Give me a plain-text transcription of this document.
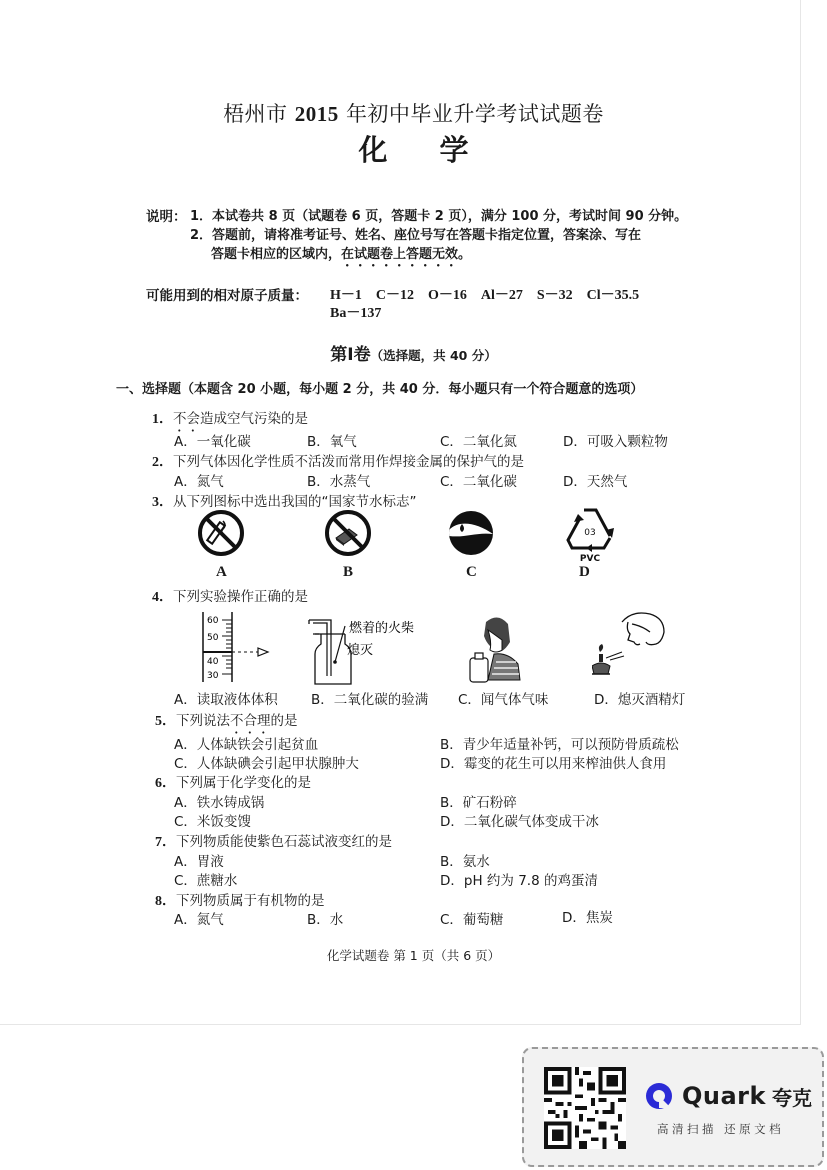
梧州市 2015 年初中毕业升学考试试题卷
化 学
说明： 1．本试卷共 8 页（试题卷 6 页，答题卡 2 页），满分 100 分，考试时间 90 分钟。
2．答题前，请将准考证号、姓名、座位号写在答题卡指定位置，答案涂、写在
答题卡相应的区域内，在试题卷上答题无效。
可能用到的相对原子质量： H－1　C－12　O－16　Al－27　S－32　Cl－35.5
Ba－137
第Ⅰ卷（选择题，共 40 分）
一、选择题（本题含 20 小题，每小题 2 分，共 40 分．每小题只有一个符合题意的选项）
1．不会造成空气污染的是
A．一氧化碳	B．氧气	C．二氧化氮	D．可吸入颗粒物
2．下列气体因化学性质不活泼而常用作焊接金属的保护气的是
A．氮气	B．水蒸气	C．二氧化碳	D．天然气
3．从下列图标中选出我国的“国家节水标志”
03
PVC
A	B	C	D
4．下列实验操作正确的是
60
50
40
30
燃着的火柴
熄灭
A．读取液体体积 B．二氧化碳的验满 C．闻气体气味	D．熄灭酒精灯
5．下列说法不合理的是
A．人体缺铁会引起贫血	B．青少年适量补钙，可以预防骨质疏松
C．人体缺碘会引起甲状腺肿大	D．霉变的花生可以用来榨油供人食用
6．下列属于化学变化的是
A．铁水铸成锅	B．矿石粉碎
C．米饭变馊	D．二氧化碳气体变成干冰
7．下列物质能使紫色石蕊试液变红的是
A．胃液	B．氨水
C．蔗糖水	D．pH 约为 7.8 的鸡蛋清
8．下列物质属于有机物的是
A．氮气	B．水	C．葡萄糖	D．焦炭
化学试题卷 第 1 页（共 6 页）
Quark 夸克
高清扫描 还原文档
